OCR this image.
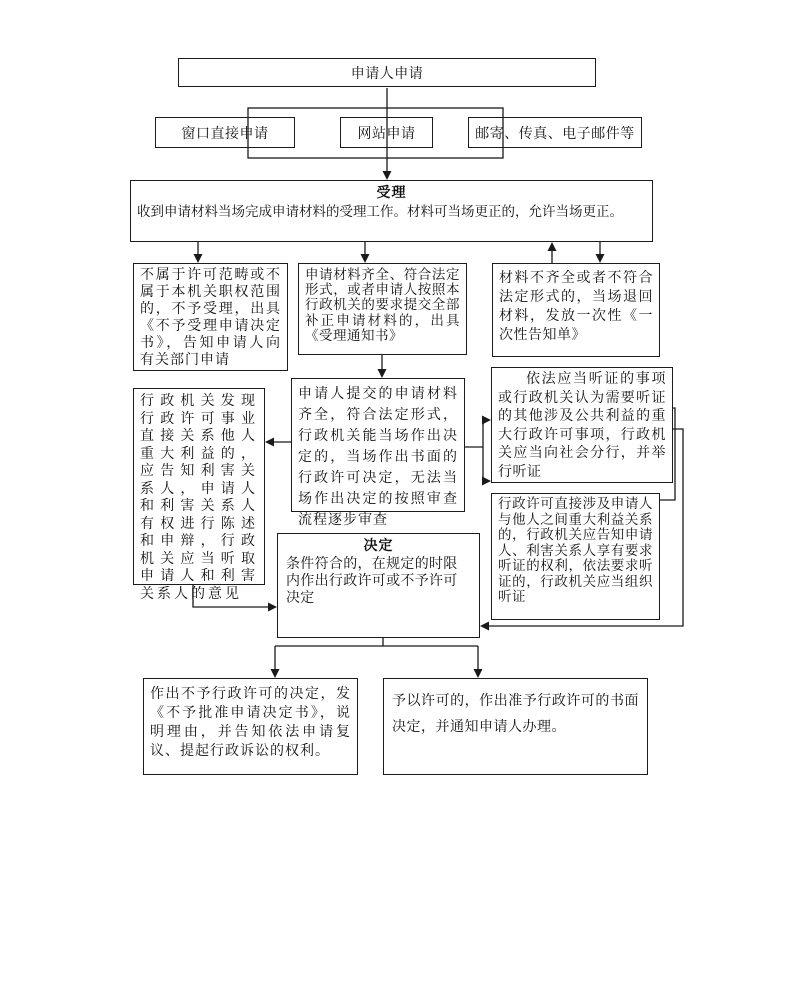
申请人申请
窗口直接申请	网站申请	邮寄、传真、电子邮件等
受理
收到申请材料当场完成申请材料的受理工作。材料可当场更正的，允许当场更正。
不属于许可范畴或不属于本机关职权范围的，不予受理，出具《不予受理申请决定书》，告知申请人向有关部门申请
申请材料齐全、符合法定形式，或者申请人按照本行政机关的要求提交全部补正申请材料的，出具《受理通知书》
材料不齐全或者不符合法定形式的，当场退回材料，发放一次性《一次性告知单》
行政机关发现行政许可事业直接关系他人重大利益的，应告知利害关系人，申请人和利害关系人有权进行陈述和申辩，行政机关应当听取申请人和利害关系人的意见
申请人提交的申请材料齐全，符合法定形式，行政机关能当场作出决定的，当场作出书面的行政许可决定，无法当场作出决定的按照审查流程逐步审查
依法应当听证的事项或行政机关认为需要听证的其他涉及公共利益的重大行政许可事项，行政机关应当向社会分行，并举行听证
行政许可直接涉及申请人与他人之间重大利益关系的，行政机关应告知申请人、利害关系人享有要求听证的权利，依法要求听证的，行政机关应当组织听证
决定
条件符合的，在规定的时限内作出行政许可或不予许可决定
作出不予行政许可的决定，发《不予批准申请决定书》，说明理由，并告知依法申请复议、提起行政诉讼的权利。
予以许可的，作出准予行政许可的书面决定，并通知申请人办理。
